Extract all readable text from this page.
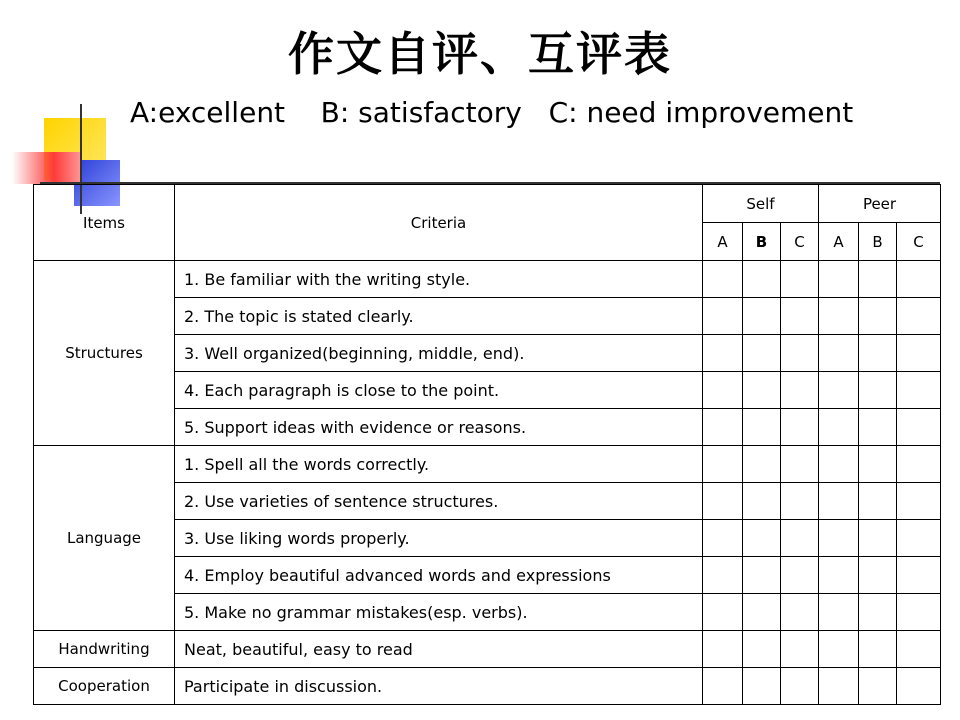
作文自评、互评表
A:excellent    B: satisfactory   C: need improvement
Items	Criteria	Self			Peer		
		A	B	C	A	B	C
Structures	1. Be familiar with the writing style.						
	2. The topic is stated clearly.						
	3. Well organized(beginning, middle, end).						
	4. Each paragraph is close to the point.						
	5. Support ideas with evidence or reasons.						
Language	1. Spell all the words correctly.						
	2. Use varieties of sentence structures.						
	3. Use liking words properly.						
	4. Employ beautiful advanced words and expressions						
	5. Make no grammar mistakes(esp. verbs).						
Handwriting	Neat, beautiful, easy to read						
Cooperation	Participate in discussion.						
